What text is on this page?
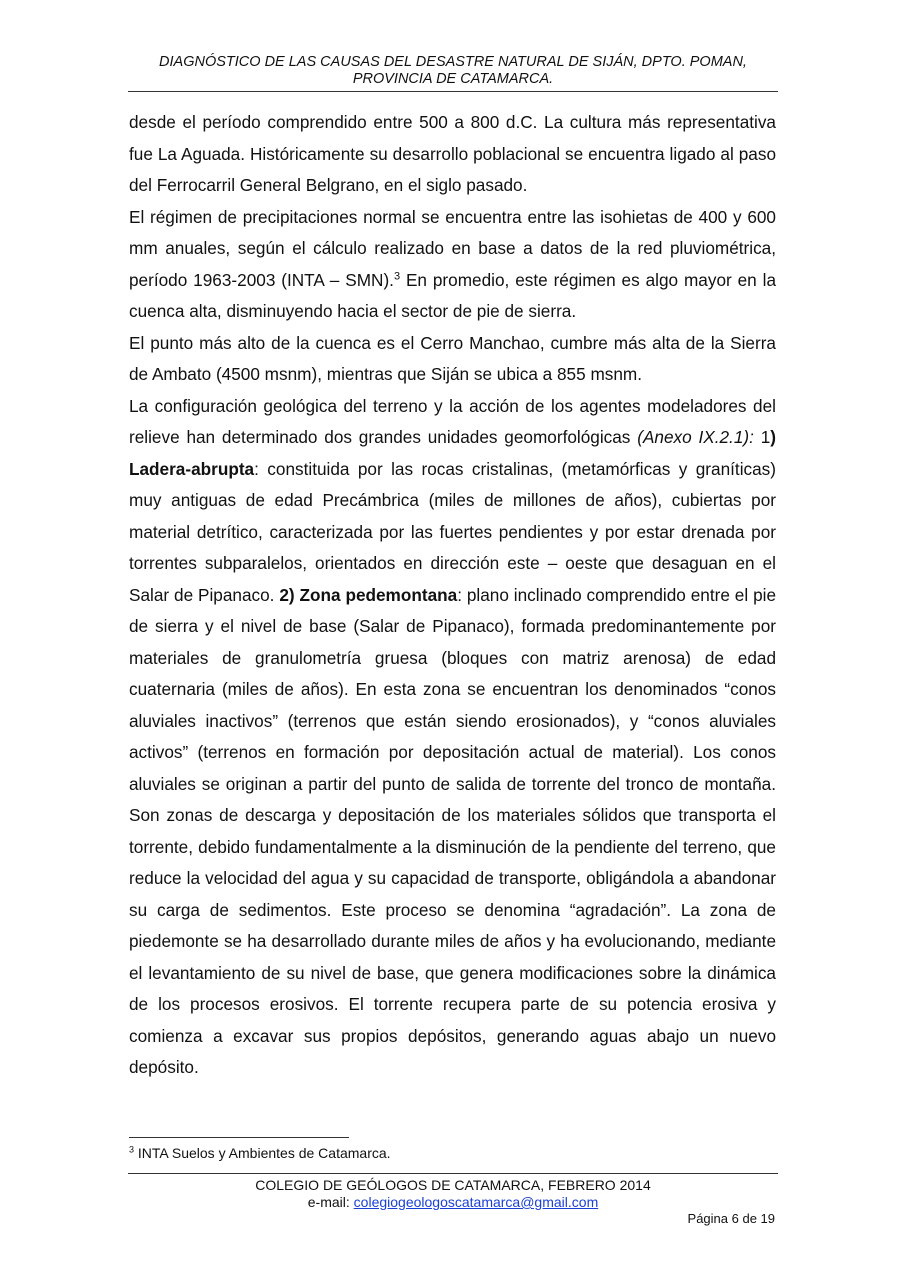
DIAGNÓSTICO DE LAS CAUSAS DEL DESASTRE NATURAL DE SIJÁN, DPTO. POMAN,
PROVINCIA DE CATAMARCA.

desde el período comprendido entre 500 a 800 d.C. La cultura más representativa fue La Aguada. Históricamente su desarrollo poblacional se encuentra ligado al paso del Ferrocarril General Belgrano, en el siglo pasado.

El régimen de precipitaciones normal se encuentra entre las isohietas de 400 y 600 mm anuales, según el cálculo realizado en base a datos de la red pluviométrica, período 1963-2003 (INTA – SMN).$^3$ En promedio, este régimen es algo mayor en la cuenca alta, disminuyendo hacia el sector de pie de sierra.

El punto más alto de la cuenca es el Cerro Manchao, cumbre más alta de la Sierra de Ambato (4500 msnm), mientras que Siján se ubica a 855 msnm.

La configuración geológica del terreno y la acción de los agentes modeladores del relieve han determinado dos grandes unidades geomorfológicas (Anexo IX.2.1): 1) Ladera-abrupta: constituida por las rocas cristalinas, (metamórficas y graníticas) muy antiguas de edad Precámbrica (miles de millones de años), cubiertas por material detrítico, caracterizada por las fuertes pendientes y por estar drenada por torrentes subparalelos, orientados en dirección este – oeste que desaguan en el Salar de Pipanaco. 2) Zona pedemontana: plano inclinado comprendido entre el pie de sierra y el nivel de base (Salar de Pipanaco), formada predominantemente por materiales de granulometría gruesa (bloques con matriz arenosa) de edad cuaternaria (miles de años). En esta zona se encuentran los denominados “conos aluviales inactivos” (terrenos que están siendo erosionados), y “conos aluviales activos” (terrenos en formación por depositación actual de material). Los conos aluviales se originan a partir del punto de salida de torrente del tronco de montaña. Son zonas de descarga y depositación de los materiales sólidos que transporta el torrente, debido fundamentalmente a la disminución de la pendiente del terreno, que reduce la velocidad del agua y su capacidad de transporte, obligándola a abandonar su carga de sedimentos. Este proceso se denomina “agradación”. La zona de piedemonte se ha desarrollado durante miles de años y ha evolucionando, mediante el levantamiento de su nivel de base, que genera modificaciones sobre la dinámica de los procesos erosivos. El torrente recupera parte de su potencia erosiva y comienza a excavar sus propios depósitos, generando aguas abajo un nuevo depósito.

$^3$ INTA Suelos y Ambientes de Catamarca.
COLEGIO DE GEÓLOGOS DE CATAMARCA, FEBRERO 2014
e-mail: colegiogeologoscatamarca@gmail.com
Página 6 de 19
